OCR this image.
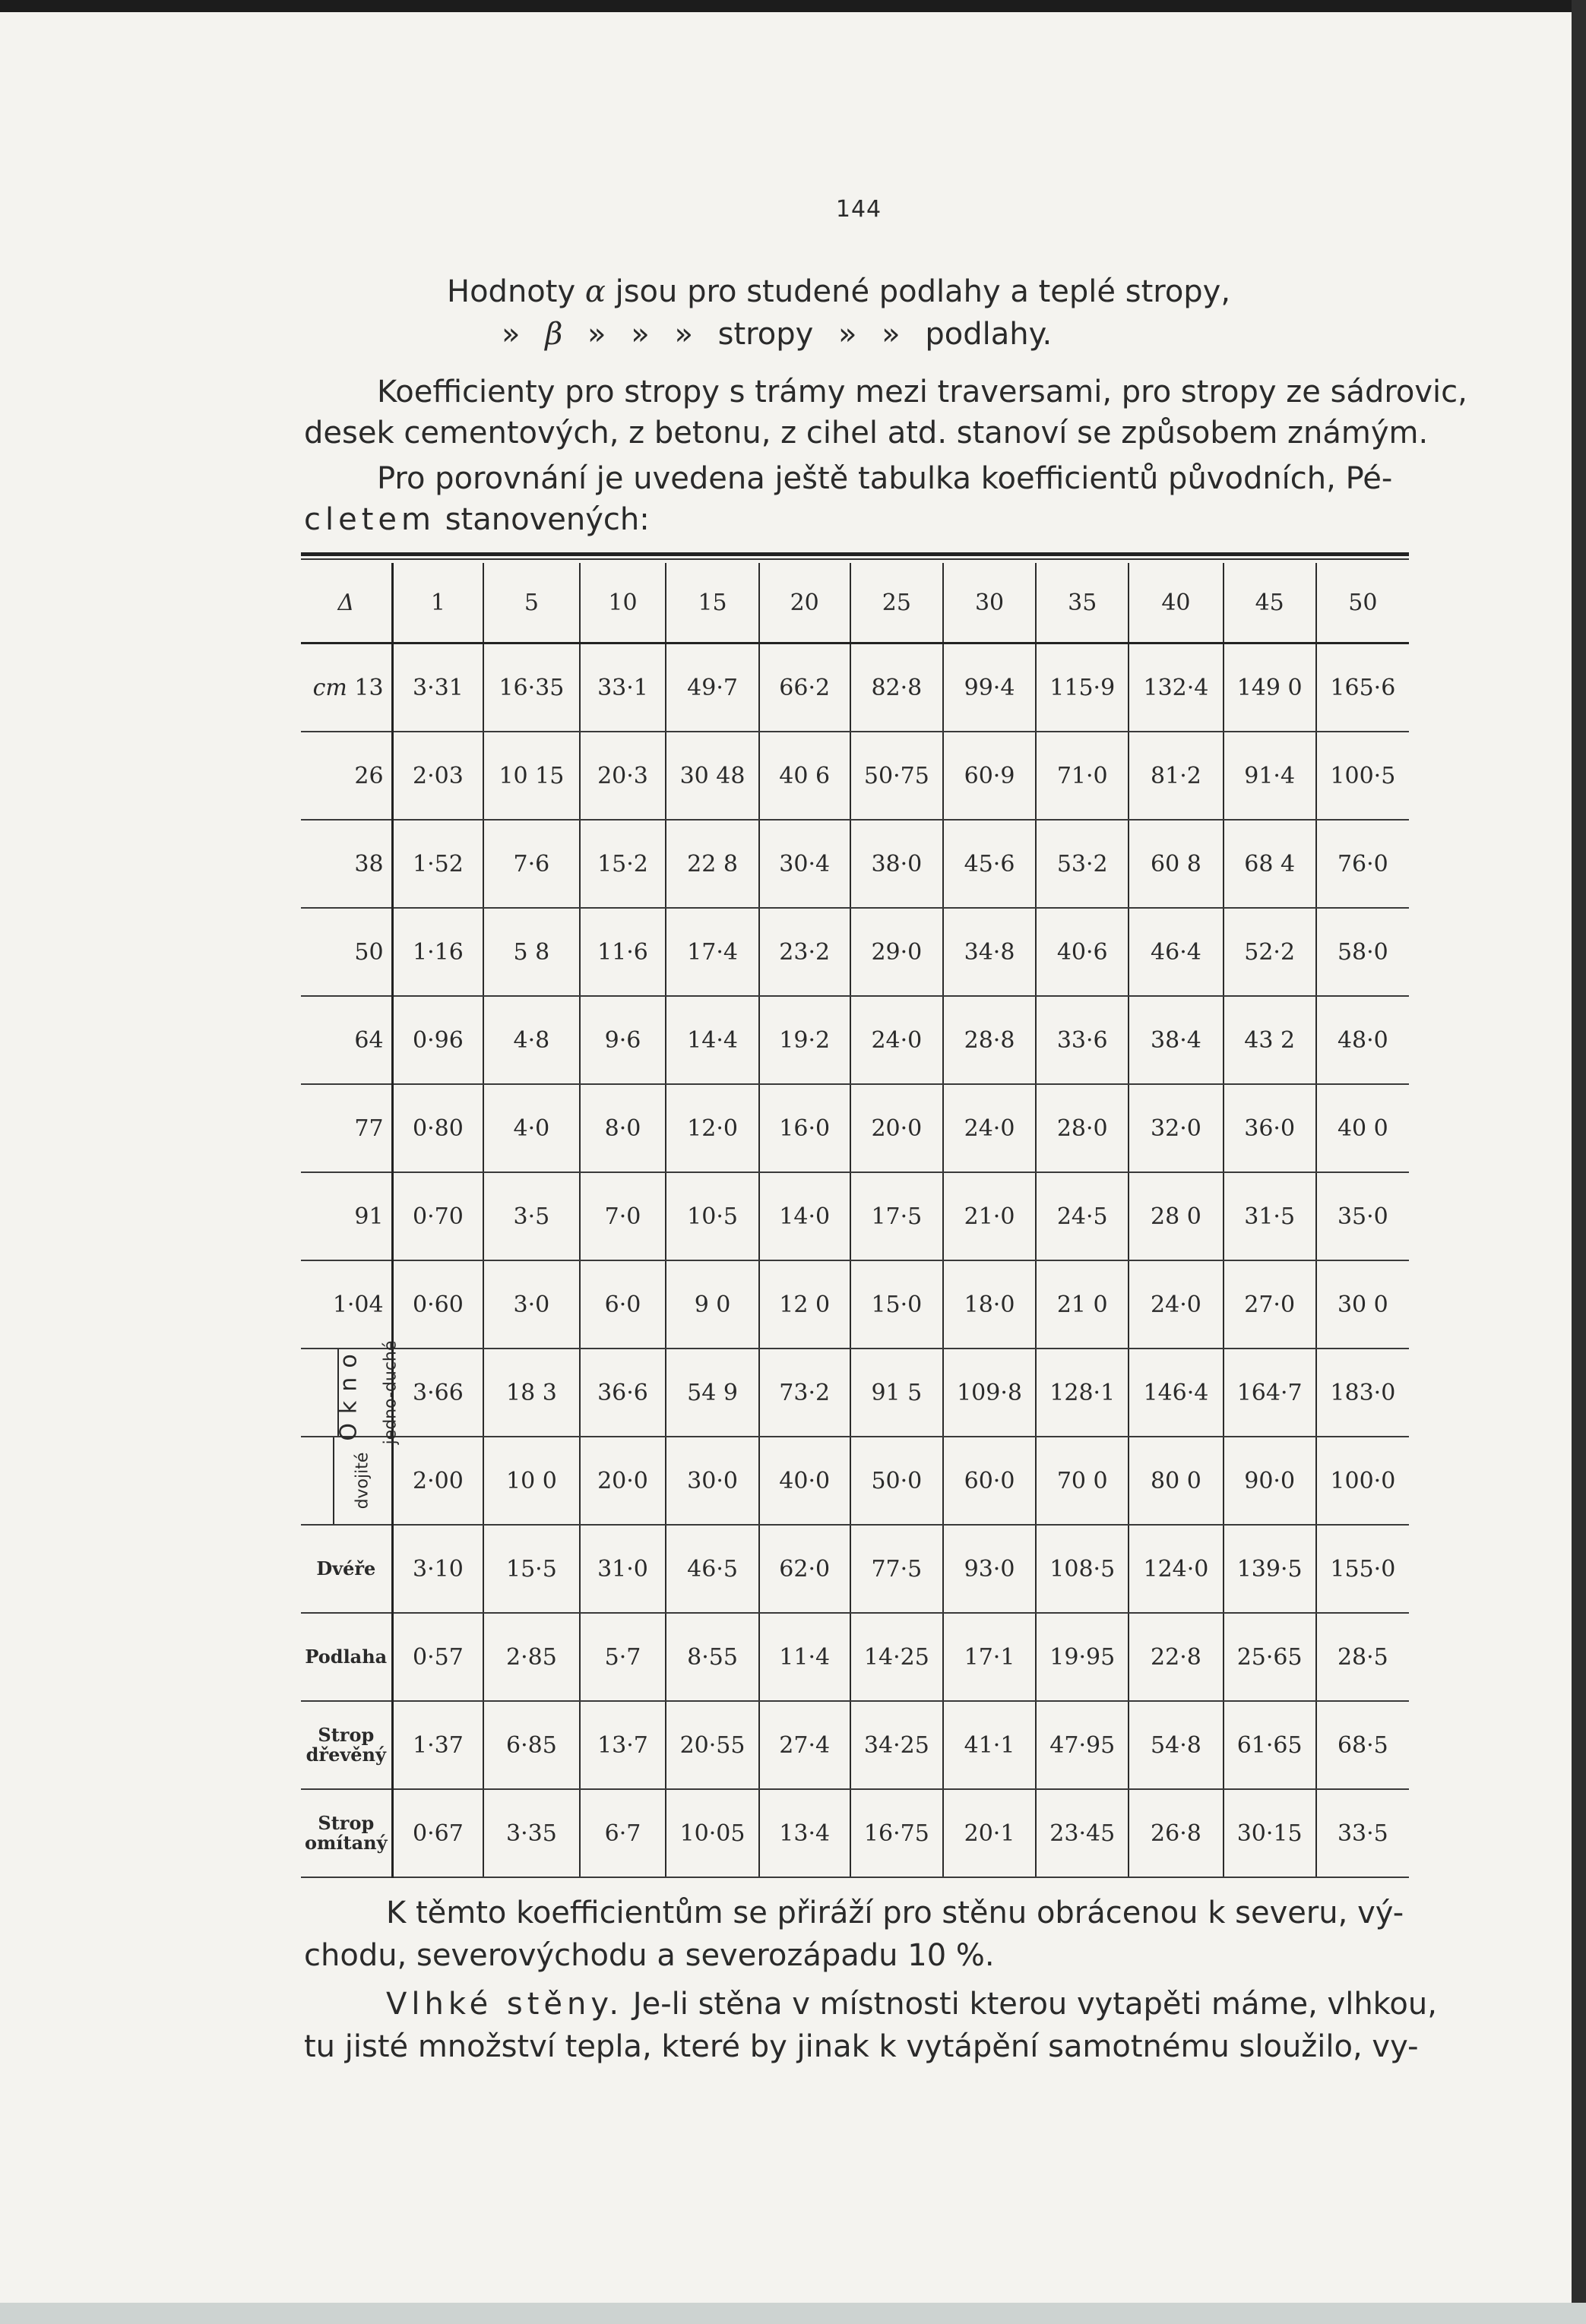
144
Hodnoty α jsou pro studené podlahy a teplé stropy,
» β » » » stropy » » podlahy.
Koefficienty pro stropy s trámy mezi traversami, pro stropy ze sádrovic,
desek cementových, z betonu, z cihel atd. stanoví se způsobem známým.
Pro porovnání je uvedena ještě tabulka koefficientů původních, Pé-
cletem stanovených:
Δ	1	5	10	15	20	25	30	35	40	45	50
cm 13	3·31	16·35	33·1	49·7	66·2	82·8	99·4	115·9	132·4	149 0	165·6
26	2·03	10 15	20·3	30 48	40 6	50·75	60·9	71·0	81·2	91·4	100·5
38	1·52	7·6	15·2	22 8	30·4	38·0	45·6	53·2	60 8	68 4	76·0
50	1·16	5 8	11·6	17·4	23·2	29·0	34·8	40·6	46·4	52·2	58·0
64	0·96	4·8	9·6	14·4	19·2	24·0	28·8	33·6	38·4	43 2	48·0
77	0·80	4·0	8·0	12·0	16·0	20·0	24·0	28·0	32·0	36·0	40 0
91	0·70	3·5	7·0	10·5	14·0	17·5	21·0	24·5	28 0	31·5	35·0
1·04	0·60	3·0	6·0	9 0	12 0	15·0	18·0	21 0	24·0	27·0	30 0

Okno jedno-duché	3·66	18 3	36·6	54 9	73·2	91 5	109·8	128·1	146·4	164·7	183·0

dvojité	2·00	10 0	20·0	30·0	40·0	50·0	60·0	70 0	80 0	90·0	100·0
Dvéře	3·10	15·5	31·0	46·5	62·0	77·5	93·0	108·5	124·0	139·5	155·0
Podlaha	0·57	2·85	5·7	8·55	11·4	14·25	17·1	19·95	22·8	25·65	28·5
Strop
dřevěný	1·37	6·85	13·7	20·55	27·4	34·25	41·1	47·95	54·8	61·65	68·5
Strop
omítaný	0·67	3·35	6·7	10·05	13·4	16·75	20·1	23·45	26·8	30·15	33·5
K těmto koefficientům se přiráží pro stěnu obrácenou k severu, vý-
chodu, severovýchodu a severozápadu 10 %.
Vlhké stěny. Je-li stěna v místnosti kterou vytapěti máme, vlhkou,
tu jisté množství tepla, které by jinak k vytápění samotnému sloužilo, vy-
